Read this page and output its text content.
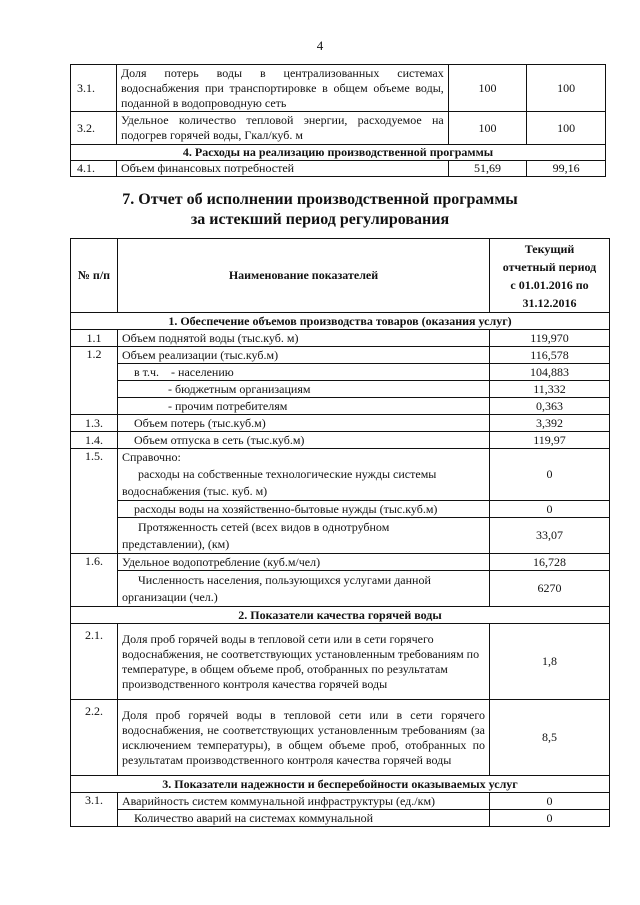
4
3.1.	Доля потерь воды в централизованных системах водоснабжения при транспортировке в общем объеме воды, поданной в водопроводную сеть	100	100
3.2.	Удельное количество тепловой энергии, расходуемое на подогрев горячей воды, Гкал/куб. м	100	100
4. Расходы на реализацию производственной программы			
4.1.	Объем финансовых потребностей	51,69	99,16
7. Отчет об исполнении производственной программы
за истекший период регулирования
№ п/п	Наименование показателей	Текущий
отчетный период
с 01.01.2016 по
31.12.2016

1. Обеспечение объемов производства товаров (оказания услуг)		
1.1	Объем поднятой воды (тыс.куб. м)	119,970
1.2	Объем реализации (тыс.куб.м)	116,578
	в т.ч. - населению	104,883
	- бюджетным организациям	11,332
	- прочим потребителям	0,363
1.3.	Объем потерь (тыс.куб.м)	3,392
1.4.	Объем отпуска в сеть (тыс.куб.м)	119,97
1.5.	Справочно:
расходы на собственные технологические нужды системы
водоснабжения (тыс. куб. м)	0
	расходы воды на хозяйственно-бытовые нужды (тыс.куб.м)	0

	Протяженность сетей (всех видов в однотрубном
представлении), (км)	33,07
1.6.	Удельное водопотребление (куб.м/чел)	16,728

	Численность населения, пользующихся услугами данной
организации (чел.)	6270
2. Показатели качества горячей воды		
2.1.	Доля проб горячей воды в тепловой сети или в сети горячего водоснабжения, не соответствующих установленным требованиям по температуре, в общем объеме проб, отобранных по результатам производственного контроля качества горячей воды	1,8
2.2.	Доля проб горячей воды в тепловой сети или в сети горячего водоснабжения, не соответствующих установленным требованиям (за исключением температуры), в общем объеме проб, отобранных по результатам производственного контроля качества горячей воды	8,5
3. Показатели надежности и бесперебойности оказываемых услуг		
3.1.	Аварийность систем коммунальной инфраструктуры (ед./км)	0
	Количество аварий на системах коммунальной	0
